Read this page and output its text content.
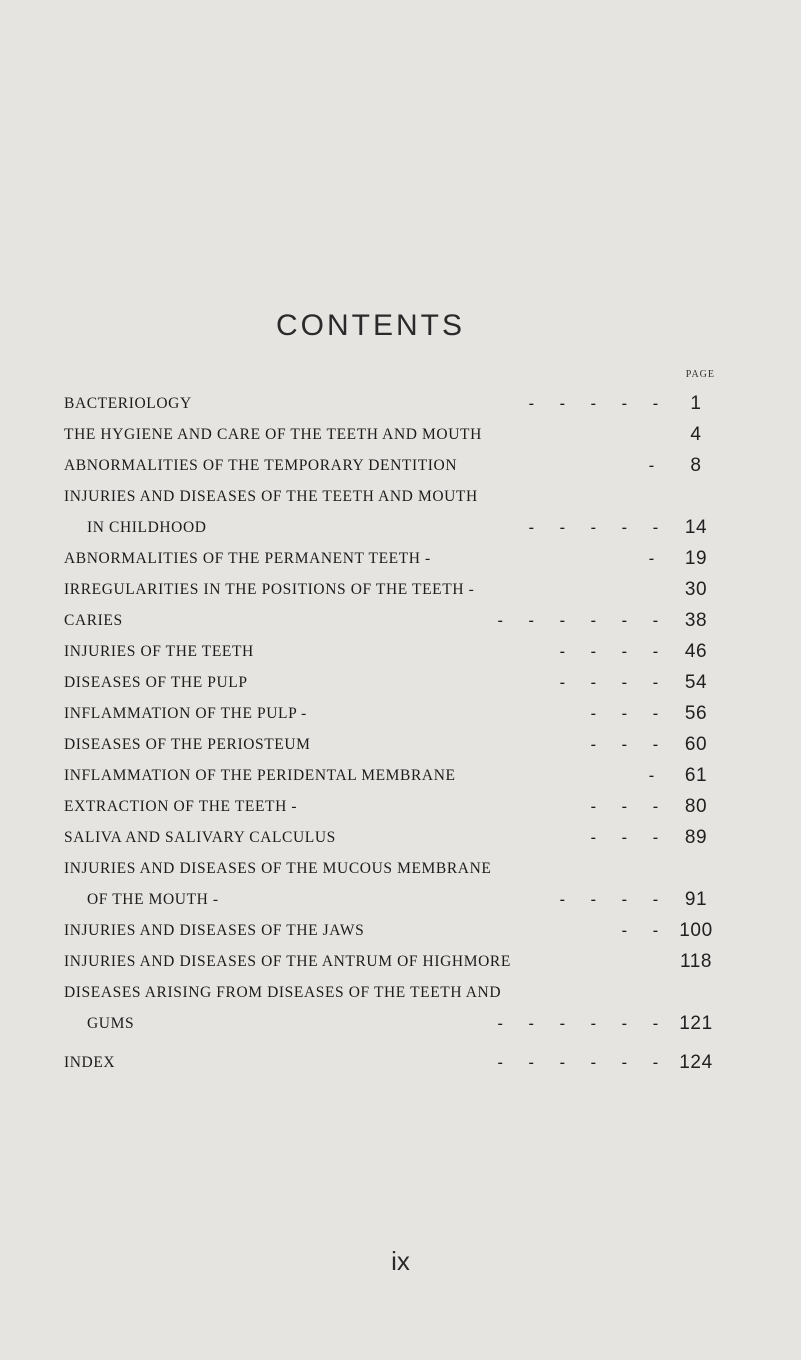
CONTENTS
PAGE
BACTERIOLOGY	- - - - -	1
THE HYGIENE AND CARE OF THE TEETH AND MOUTH	4
ABNORMALITIES OF THE TEMPORARY DENTITION	-	8
INJURIES AND DISEASES OF THE TEETH AND MOUTH
IN CHILDHOOD	- - - - -	14
ABNORMALITIES OF THE PERMANENT TEETH -	-	19
IRREGULARITIES IN THE POSITIONS OF THE TEETH -	30
CARIES	- - - - - -	38
INJURIES OF THE TEETH	- - - -	46
DISEASES OF THE PULP	- - - -	54
INFLAMMATION OF THE PULP -	- - -	56
DISEASES OF THE PERIOSTEUM	- - -	60
INFLAMMATION OF THE PERIDENTAL MEMBRANE	-	61
EXTRACTION OF THE TEETH -	- - -	80
SALIVA AND SALIVARY CALCULUS	- - -	89
INJURIES AND DISEASES OF THE MUCOUS MEMBRANE
OF THE MOUTH -	- - - -	91
INJURIES AND DISEASES OF THE JAWS	- - 100
INJURIES AND DISEASES OF THE ANTRUM OF HIGHMORE	118
DISEASES ARISING FROM DISEASES OF THE TEETH AND
GUMS	- - - - - - 121
INDEX	- - - - - - 124
ix
